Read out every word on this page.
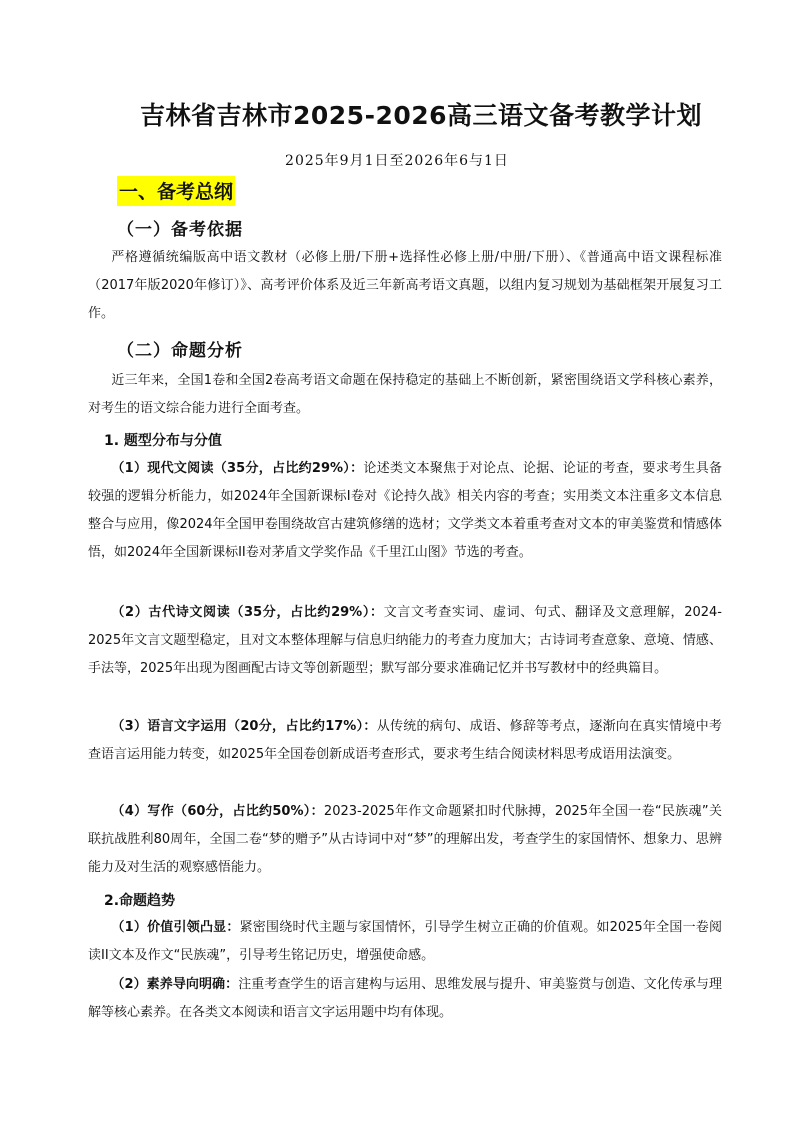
吉林省吉林市2025-2026高三语文备考教学计划
2025年9月1日至2026年6与1日
一、备考总纲
（一）备考依据
严格遵循统编版高中语文教材（必修上册/下册+选择性必修上册/中册/下册）、《普通高中语文课程标准（2017年版2020年修订）》、高考评价体系及近三年新高考语文真题，以组内复习规划为基础框架开展复习工作。
（二）命题分析
近三年来，全国1卷和全国2卷高考语文命题在保持稳定的基础上不断创新，紧密围绕语文学科核心素养，对考生的语文综合能力进行全面考查。
1. 题型分布与分值
（1）现代文阅读（35分，占比约29%）：论述类文本聚焦于对论点、论据、论证的考查，要求考生具备较强的逻辑分析能力，如2024年全国新课标Ⅰ卷对《论持久战》相关内容的考查；实用类文本注重多文本信息整合与应用，像2024年全国甲卷围绕故宫古建筑修缮的选材；文学类文本着重考查对文本的审美鉴赏和情感体悟，如2024年全国新课标II卷对茅盾文学奖作品《千里江山图》节选的考查。
（2）古代诗文阅读（35分，占比约29%）：文言文考查实词、虚词、句式、翻译及文意理解，2024-2025年文言文题型稳定，且对文本整体理解与信息归纳能力的考查力度加大；古诗词考查意象、意境、情感、手法等，2025年出现为图画配古诗文等创新题型；默写部分要求准确记忆并书写教材中的经典篇目。
（3）语言文字运用（20分，占比约17%）：从传统的病句、成语、修辞等考点，逐渐向在真实情境中考查语言运用能力转变，如2025年全国卷创新成语考查形式，要求考生结合阅读材料思考成语用法演变。
（4）写作（60分，占比约50%）：2023-2025年作文命题紧扣时代脉搏，2025年全国一卷“民族魂”关联抗战胜利80周年，全国二卷“梦的赠予”从古诗词中对“梦”的理解出发，考查学生的家国情怀、想象力、思辨能力及对生活的观察感悟能力。
2.命题趋势
（1）价值引领凸显：紧密围绕时代主题与家国情怀，引导学生树立正确的价值观。如2025年全国一卷阅读II文本及作文“民族魂”，引导考生铭记历史，增强使命感。
（2）素养导向明确：注重考查学生的语言建构与运用、思维发展与提升、审美鉴赏与创造、文化传承与理解等核心素养。在各类文本阅读和语言文字运用题中均有体现。
